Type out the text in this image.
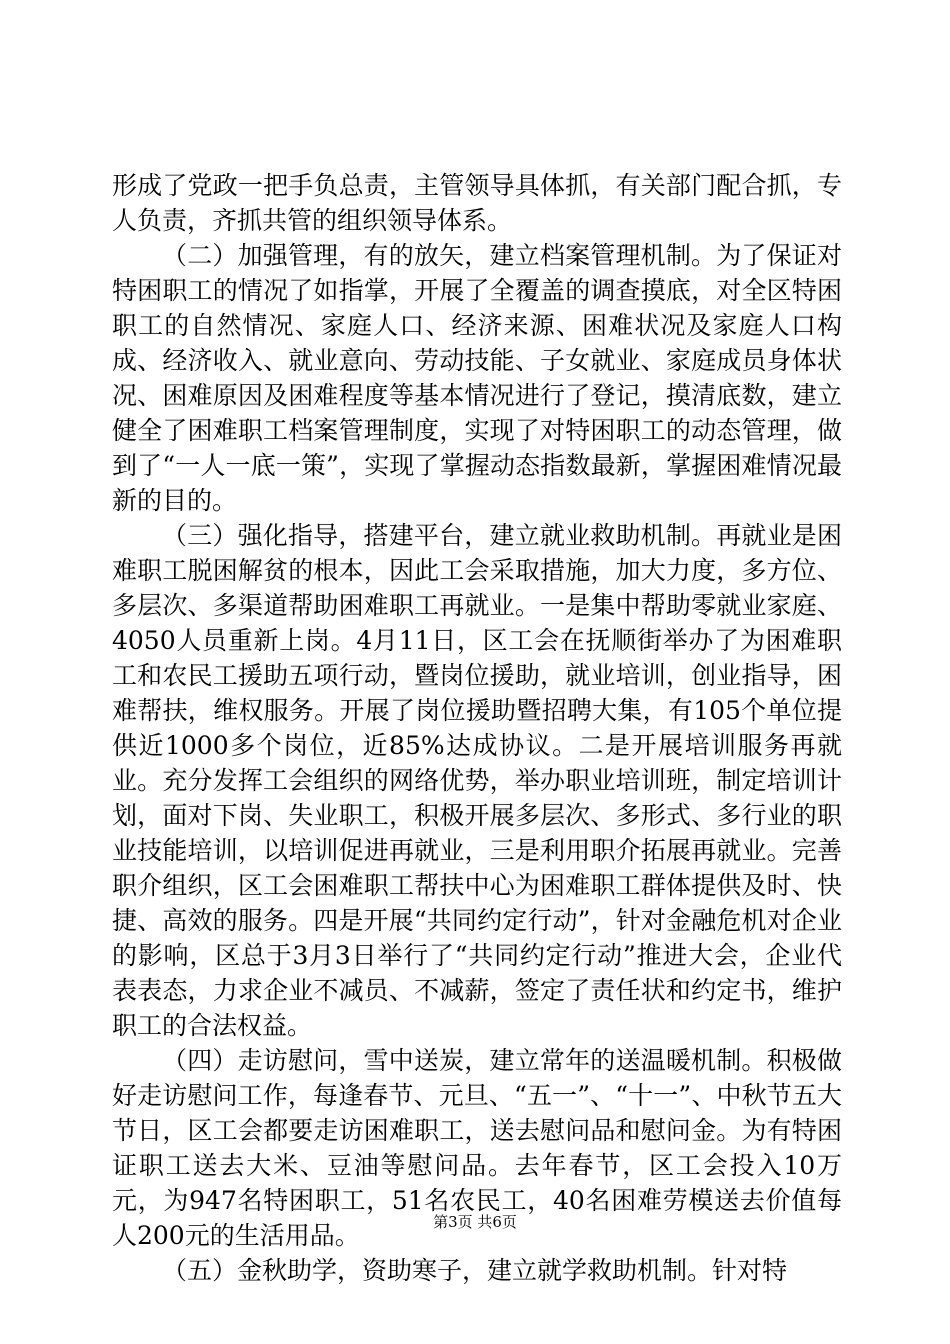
形成了党政一把手负总责，主管领导具体抓，有关部门配合抓，专人负责，齐抓共管的组织领导体系。

（二）加强管理，有的放矢，建立档案管理机制。为了保证对特困职工的情况了如指掌，开展了全覆盖的调查摸底，对全区特困职工的自然情况、家庭人口、经济来源、困难状况及家庭人口构成、经济收入、就业意向、劳动技能、子女就业、家庭成员身体状况、困难原因及困难程度等基本情况进行了登记，摸清底数，建立健全了困难职工档案管理制度，实现了对特困职工的动态管理，做到了“一人一底一策”，实现了掌握动态指数最新，掌握困难情况最新的目的。

（三）强化指导，搭建平台，建立就业救助机制。再就业是困难职工脱困解贫的根本，因此工会采取措施，加大力度，多方位、多层次、多渠道帮助困难职工再就业。一是集中帮助零就业家庭、4050人员重新上岗。4月11日，区工会在抚顺街举办了为困难职工和农民工援助五项行动，暨岗位援助，就业培训，创业指导，困难帮扶，维权服务。开展了岗位援助暨招聘大集，有105个单位提供近1000多个岗位，近85%达成协议。二是开展培训服务再就业。充分发挥工会组织的网络优势，举办职业培训班，制定培训计划，面对下岗、失业职工，积极开展多层次、多形式、多行业的职业技能培训，以培训促进再就业，三是利用职介拓展再就业。完善职介组织，区工会困难职工帮扶中心为困难职工群体提供及时、快捷、高效的服务。四是开展“共同约定行动”，针对金融危机对企业的影响，区总于3月3日举行了“共同约定行动”推进大会，企业代表表态，力求企业不减员、不减薪，签定了责任状和约定书，维护职工的合法权益。

（四）走访慰问，雪中送炭，建立常年的送温暖机制。积极做好走访慰问工作，每逢春节、元旦、“五一”、“十一”、中秋节五大节日，区工会都要走访困难职工，送去慰问品和慰问金。为有特困证职工送去大米、豆油等慰问品。去年春节，区工会投入10万元，为947名特困职工，51名农民工，40名困难劳模送去价值每人200元的生活用品。

（五）金秋助学，资助寒子，建立就学救助机制。针对特

第3页 共6页
